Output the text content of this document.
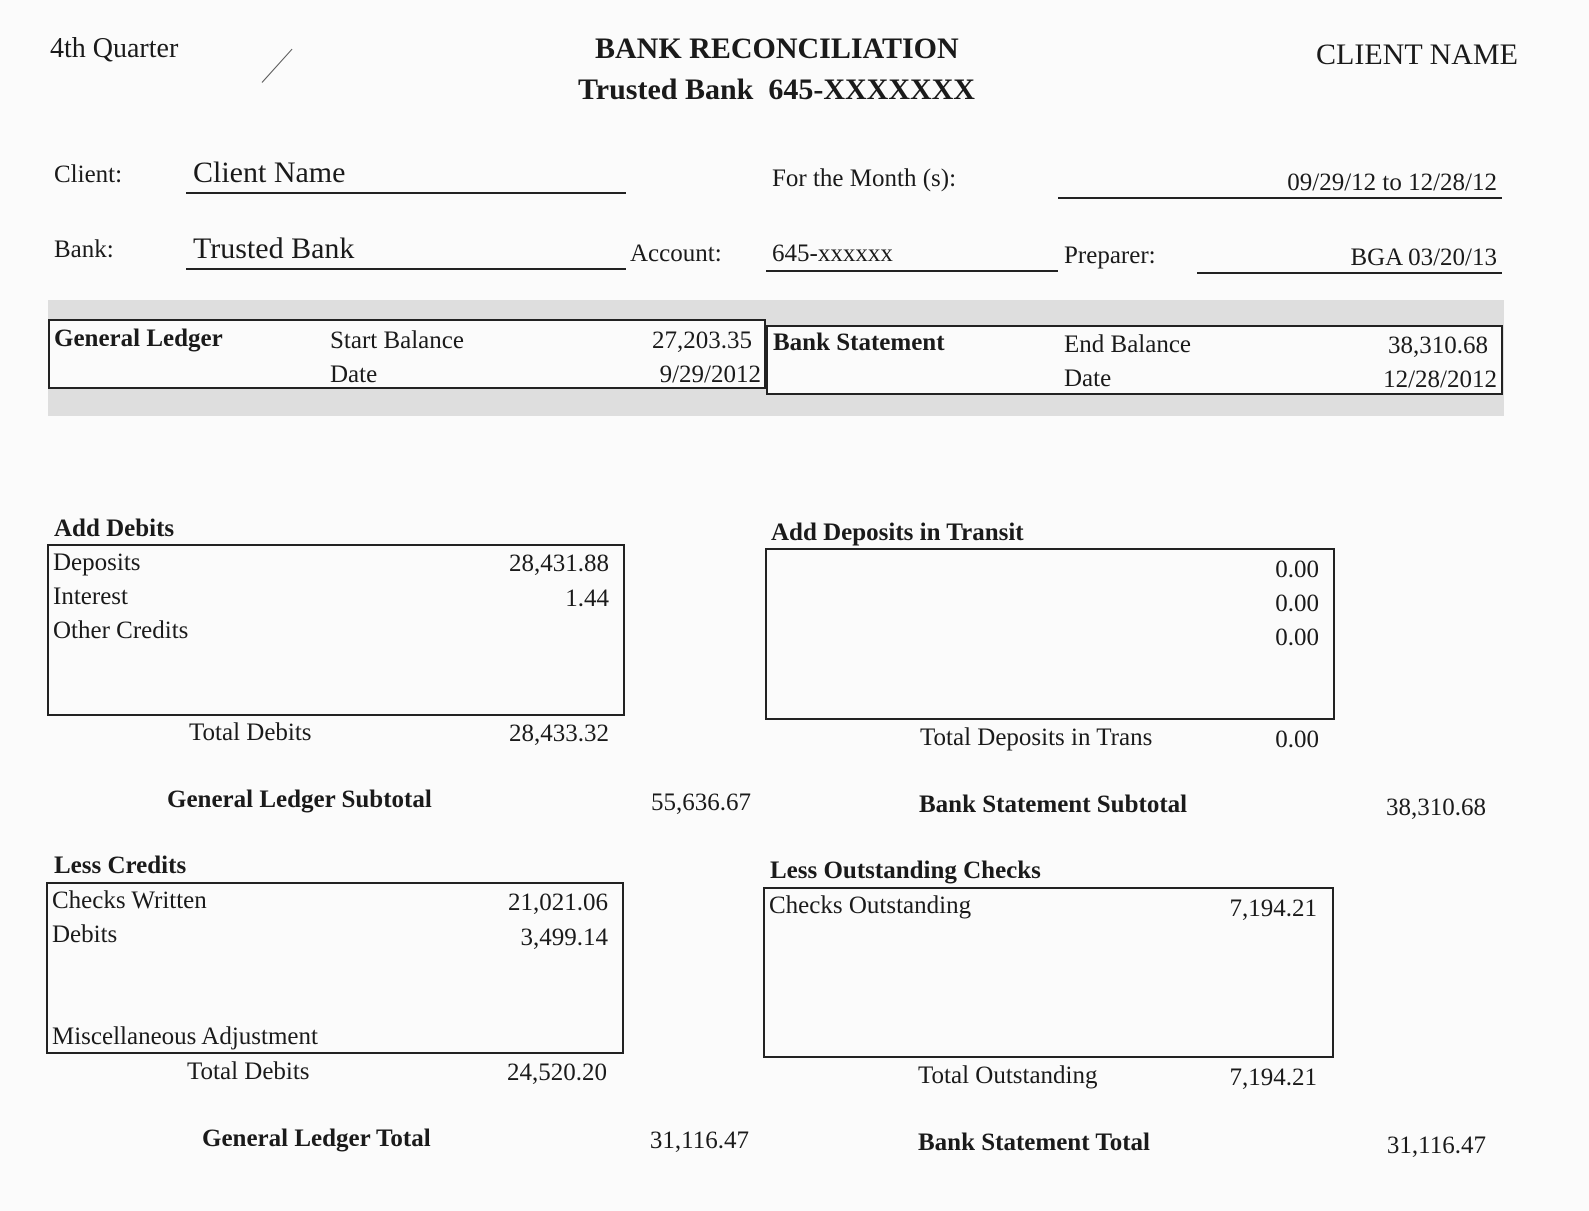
4th Quarter	BANK RECONCILIATION
Trusted Bank  645-XXXXXXX
CLIENT NAME
Client: Client Name	For the Month (s):	09/29/12 to 12/28/12
Bank:	Trusted Bank	Account: 645-xxxxxx	Preparer:	BGA 03/20/13
General Ledger	Start Balance	27,203.35
Date	9/29/2012
Bank Statement	End Balance	38,310.68
Date	12/28/2012
Add Debits
Deposits	28,431.88
Interest	1.44
Other Credits
Total Debits	28,433.32
General Ledger Subtotal	55,636.67
Add Deposits in Transit
0.00
0.00
0.00
Total Deposits in Trans	0.00
Bank Statement Subtotal	38,310.68
Less Credits
Checks Written	21,021.06
Debits	3,499.14
Miscellaneous Adjustment
Total Debits	24,520.20
General Ledger Total	31,116.47
Less Outstanding Checks
Checks Outstanding	7,194.21
Total Outstanding	7,194.21
Bank Statement Total	31,116.47
